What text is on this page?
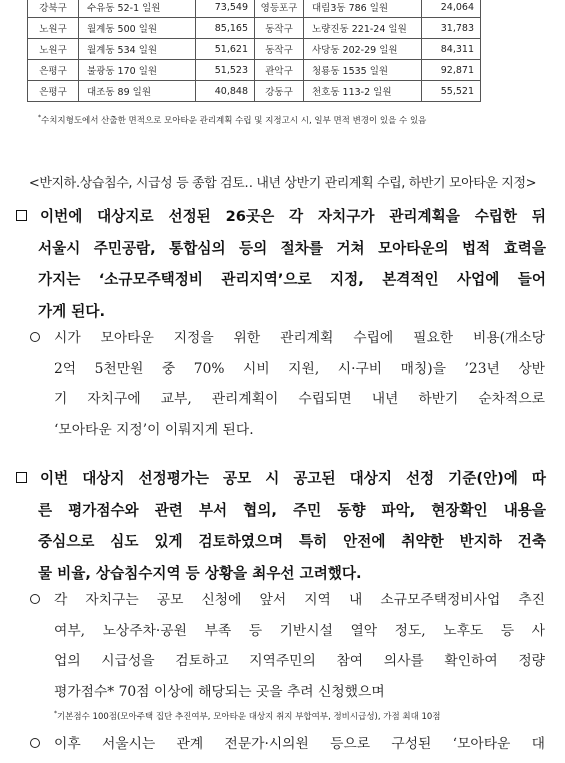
강북구	수유동 52-1 일원	73,549	영등포구	대림3동 786 일원	24,064
노원구	월계동 500 일원	85,165	동작구	노량진동 221-24 일원	31,783
노원구	월계동 534 일원	51,621	동작구	사당동 202-29 일원	84,311
은평구	불광동 170 일원	51,523	관악구	청룡동 1535 일원	92,871
은평구	대조동 89 일원	40,848	강동구	천호동 113-2 일원	55,521
*수치지형도에서 산출한 면적으로 모아타운 관리계획 수립 및 지정고시 시, 일부 면적 변경이 있을 수 있음
<반지하․상습침수, 시급성 등 종합 검토‥ 내년 상반기 관리계획 수립, 하반기 모아타운 지정>
이번에 대상지로 선정된 26곳은 각 자치구가 관리계획을 수립한 뒤
서울시 주민공람, 통합심의 등의 절차를 거쳐 모아타운의 법적 효력을
가지는 ‘소규모주택정비 관리지역’으로 지정, 본격적인 사업에 들어
가게 된다.
시가 모아타운 지정을 위한 관리계획 수립에 필요한 비용(개소당
2억 5천만원 중 70% 시비 지원, 시·구비 매칭)을 ’23년 상반
기 자치구에 교부, 관리계획이 수립되면 내년 하반기 순차적으로
‘모아타운 지정’이 이뤄지게 된다.
이번 대상지 선정평가는 공모 시 공고된 대상지 선정 기준(안)에 따
른 평가점수와 관련 부서 협의, 주민 동향 파악, 현장확인 내용을
중심으로 심도 있게 검토하였으며 특히 안전에 취약한 반지하 건축
물 비율, 상습침수지역 등 상황을 최우선 고려했다.
각 자치구는 공모 신청에 앞서 지역 내 소규모주택정비사업 추진
여부, 노상주차·공원 부족 등 기반시설 열악 정도, 노후도 등 사
업의 시급성을 검토하고 지역주민의 참여 의사를 확인하여 정량
평가점수* 70점 이상에 해당되는 곳을 추려 신청했으며
*기본점수 100점(모아주택 집단 추진여부, 모아타운 대상지 취지 부합여부, 정비시급성), 가점 최대 10점
이후 서울시는 관계 전문가·시의원 등으로 구성된 ‘모아타운 대
